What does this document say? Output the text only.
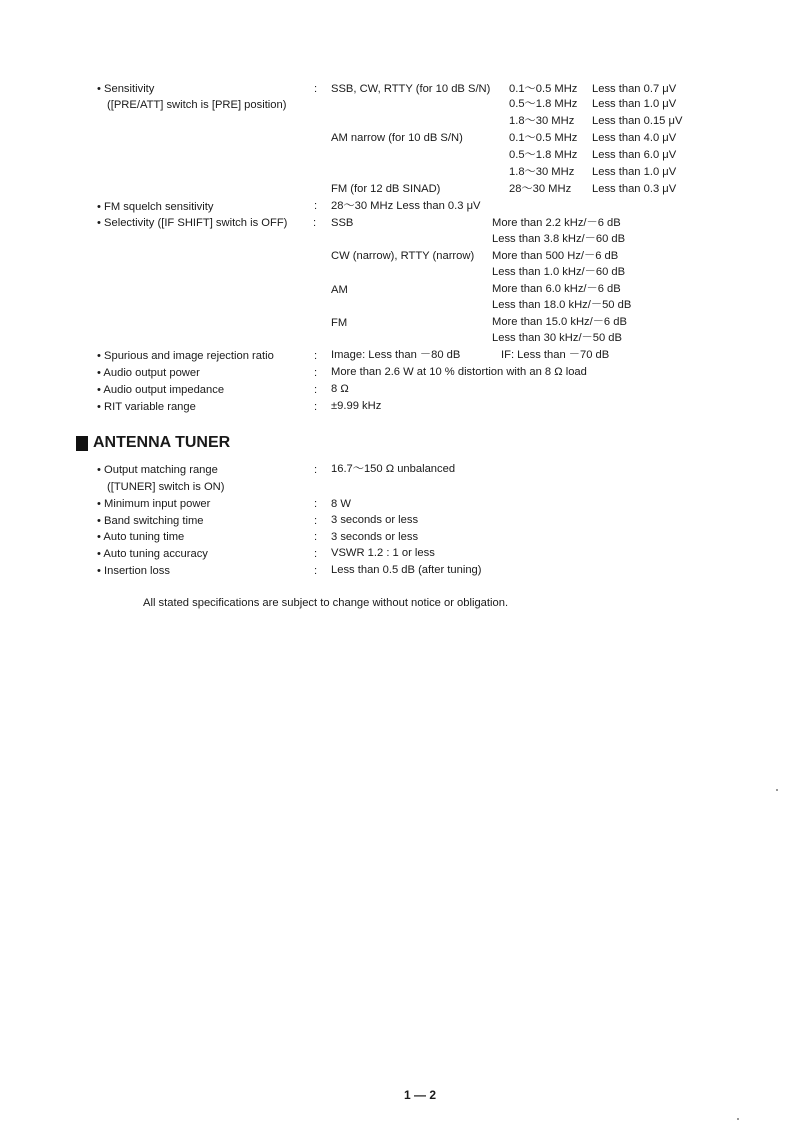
• Sensitivity
([PRE/ATT] switch is [PRE] position)
: SSB, CW, RTTY (for 10 dB S/N) 0.1～0.5 MHz Less than 0.7 μV
0.5～1.8 MHz Less than 1.0 μV
1.8～30 MHz Less than 0.15 μV
AM narrow (for 10 dB S/N)	0.1～0.5 MHz Less than 4.0 μV
0.5～1.8 MHz Less than 6.0 μV
1.8～30 MHz Less than 1.0 μV
FM (for 12 dB SINAD)	28～30 MHz Less than 0.3 μV
• FM squelch sensitivity	: 28～30 MHz Less than 0.3 μV
• Selectivity ([IF SHIFT] switch is OFF) : SSB	More than 2.2 kHz/－6 dB
Less than 3.8 kHz/－60 dB
CW (narrow), RTTY (narrow) More than 500 Hz/－6 dB
Less than 1.0 kHz/－60 dB
AM	More than 6.0 kHz/－6 dB
Less than 18.0 kHz/－50 dB
FM	More than 15.0 kHz/－6 dB
Less than 30 kHz/－50 dB
• Spurious and image rejection ratio	: Image: Less than －80 dB	IF: Less than －70 dB
• Audio output power	: More than 2.6 W at 10 % distortion with an 8 Ω load
• Audio output impedance	: 8 Ω
• RIT variable range	: ±9.99 kHz
ANTENNA TUNER
• Output matching range
([TUNER] switch is ON)
: 16.7～150 Ω unbalanced
• Minimum input power	: 8 W
• Band switching time	: 3 seconds or less
• Auto tuning time	: 3 seconds or less
• Auto tuning accuracy	: VSWR 1.2 : 1 or less
• Insertion loss	: Less than 0.5 dB (after tuning)
All stated specifications are subject to change without notice or obligation.
1 — 2
